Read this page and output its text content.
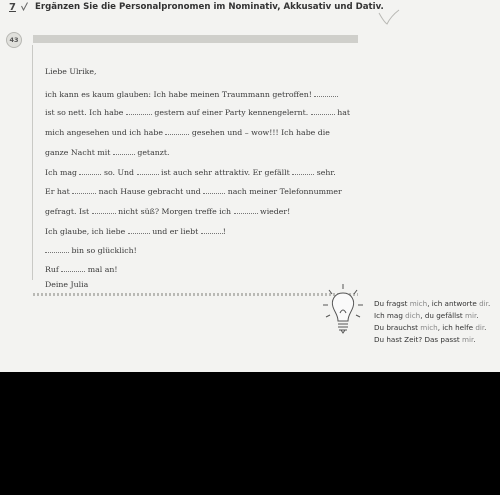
7 Ergänzen Sie die Personalpronomen im Nominativ, Akkusativ und Dativ.
43
Liebe Ulrike,
ich kann es kaum glauben: Ich habe meinen Traummann getroffen!
ist so nett. Ich habe	gestern auf einer Party kennengelernt.	hat
mich angesehen und ich habe	gesehen und – wow!!! Ich habe die
ganze Nacht mit	getanzt.
Ich mag	so. Und	ist auch sehr attraktiv. Er gefällt	sehr.
Er hat	nach Hause gebracht und	nach meiner Telefonnummer
gefragt. Ist	nicht süß? Morgen treffe ich	wieder!
Ich glaube, ich liebe	und er liebt	!
bin so glücklich!
Ruf	mal an!
Deine Julia
Du fragst mich, ich antworte dir.
Ich mag dich, du gefällst mir.
Du brauchst mich, ich helfe dir.
Du hast Zeit? Das passt mir.
